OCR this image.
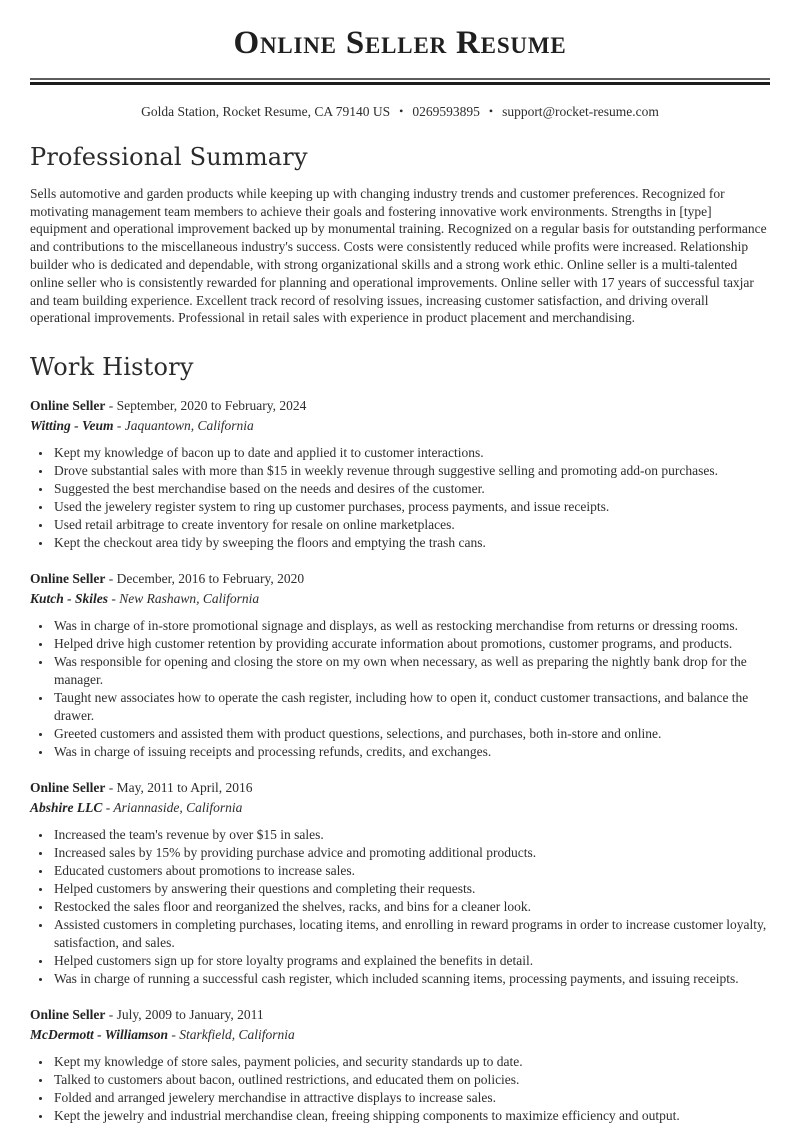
Online Seller Resume
Golda Station, Rocket Resume, CA 79140 US • 0269593895 • support@rocket-resume.com
Professional Summary

Sells automotive and garden products while keeping up with changing industry trends and customer preferences. Recognized for motivating management team members to achieve their goals and fostering innovative work environments. Strengths in [type] equipment and operational improvement backed up by monumental training. Recognized on a regular basis for outstanding performance and contributions to the miscellaneous industry's success. Costs were consistently reduced while profits were increased. Relationship builder who is dedicated and dependable, with strong organizational skills and a strong work ethic. Online seller is a multi-talented online seller who is consistently rewarded for planning and operational improvements. Online seller with 17 years of successful taxjar and team building experience. Excellent track record of resolving issues, increasing customer satisfaction, and driving overall operational improvements. Professional in retail sales with experience in product placement and merchandising.

Work History
Online Seller - September, 2020 to February, 2024
Witting - Veum - Jaquantown, California
• Kept my knowledge of bacon up to date and applied it to customer interactions.
• Drove substantial sales with more than $15 in weekly revenue through suggestive selling and promoting add-on purchases.
• Suggested the best merchandise based on the needs and desires of the customer.
• Used the jewelery register system to ring up customer purchases, process payments, and issue receipts.
• Used retail arbitrage to create inventory for resale on online marketplaces.
• Kept the checkout area tidy by sweeping the floors and emptying the trash cans.
Online Seller - December, 2016 to February, 2020
Kutch - Skiles - New Rashawn, California
• Was in charge of in-store promotional signage and displays, as well as restocking merchandise from returns or dressing rooms.
• Helped drive high customer retention by providing accurate information about promotions, customer programs, and products.
• Was responsible for opening and closing the store on my own when necessary, as well as preparing the nightly bank drop for the manager.
• Taught new associates how to operate the cash register, including how to open it, conduct customer transactions, and balance the drawer.
• Greeted customers and assisted them with product questions, selections, and purchases, both in-store and online.
• Was in charge of issuing receipts and processing refunds, credits, and exchanges.
Online Seller - May, 2011 to April, 2016
Abshire LLC - Ariannaside, California
• Increased the team's revenue by over $15 in sales.
• Increased sales by 15% by providing purchase advice and promoting additional products.
• Educated customers about promotions to increase sales.
• Helped customers by answering their questions and completing their requests.
• Restocked the sales floor and reorganized the shelves, racks, and bins for a cleaner look.
• Assisted customers in completing purchases, locating items, and enrolling in reward programs in order to increase customer loyalty, satisfaction, and sales.
• Helped customers sign up for store loyalty programs and explained the benefits in detail.
• Was in charge of running a successful cash register, which included scanning items, processing payments, and issuing receipts.
Online Seller - July, 2009 to January, 2011
McDermott - Williamson - Starkfield, California
• Kept my knowledge of store sales, payment policies, and security standards up to date.
• Talked to customers about bacon, outlined restrictions, and educated them on policies.
• Folded and arranged jewelery merchandise in attractive displays to increase sales.
• Kept the jewelry and industrial merchandise clean, freeing shipping components to maximize efficiency and output.
